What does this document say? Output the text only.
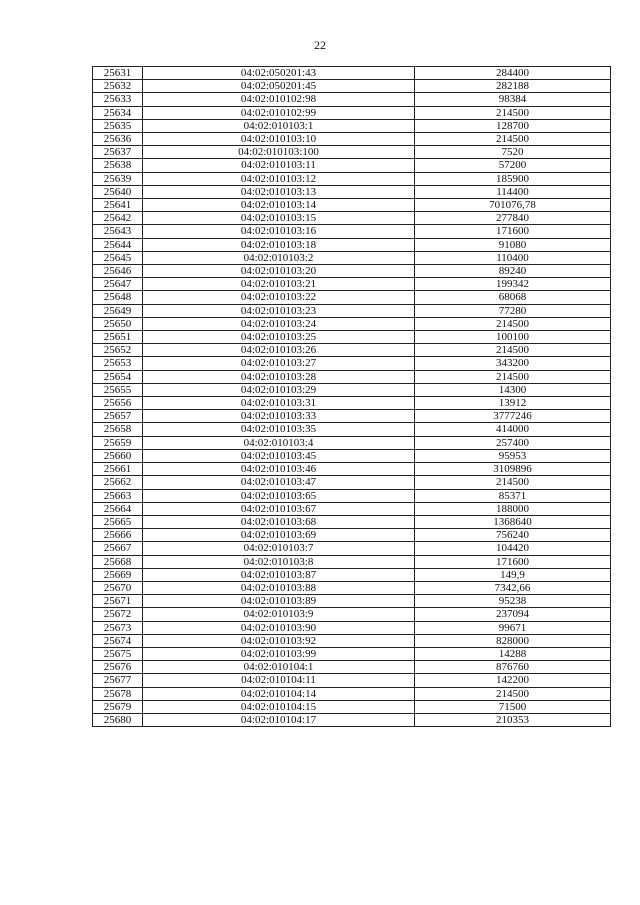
22
25631	04:02:050201:43	284400
25632	04:02:050201:45	282188
25633	04:02:010102:98	98384
25634	04:02:010102:99	214500
25635	04:02:010103:1	128700
25636	04:02:010103:10	214500
25637	04:02:010103:100	7520
25638	04:02:010103:11	57200
25639	04:02:010103:12	185900
25640	04:02:010103:13	114400
25641	04:02:010103:14	701076,78
25642	04:02:010103:15	277840
25643	04:02:010103:16	171600
25644	04:02:010103:18	91080
25645	04:02:010103:2	110400
25646	04:02:010103:20	89240
25647	04:02:010103:21	199342
25648	04:02:010103:22	68068
25649	04:02:010103:23	77280
25650	04:02:010103:24	214500
25651	04:02:010103:25	100100
25652	04:02:010103:26	214500
25653	04:02:010103:27	343200
25654	04:02:010103:28	214500
25655	04:02:010103:29	14300
25656	04:02:010103:31	13912
25657	04:02:010103:33	3777246
25658	04:02:010103:35	414000
25659	04:02:010103:4	257400
25660	04:02:010103:45	95953
25661	04:02:010103:46	3109896
25662	04:02:010103:47	214500
25663	04:02:010103:65	85371
25664	04:02:010103:67	188000
25665	04:02:010103:68	1368640
25666	04:02:010103:69	756240
25667	04:02:010103:7	104420
25668	04:02:010103:8	171600
25669	04:02:010103:87	149,9
25670	04:02:010103:88	7342,66
25671	04:02:010103:89	95238
25672	04:02:010103:9	237094
25673	04:02:010103:90	99671
25674	04:02:010103:92	828000
25675	04:02:010103:99	14288
25676	04:02:010104:1	876760
25677	04:02:010104:11	142200
25678	04:02:010104:14	214500
25679	04:02:010104:15	71500
25680	04:02:010104:17	210353
